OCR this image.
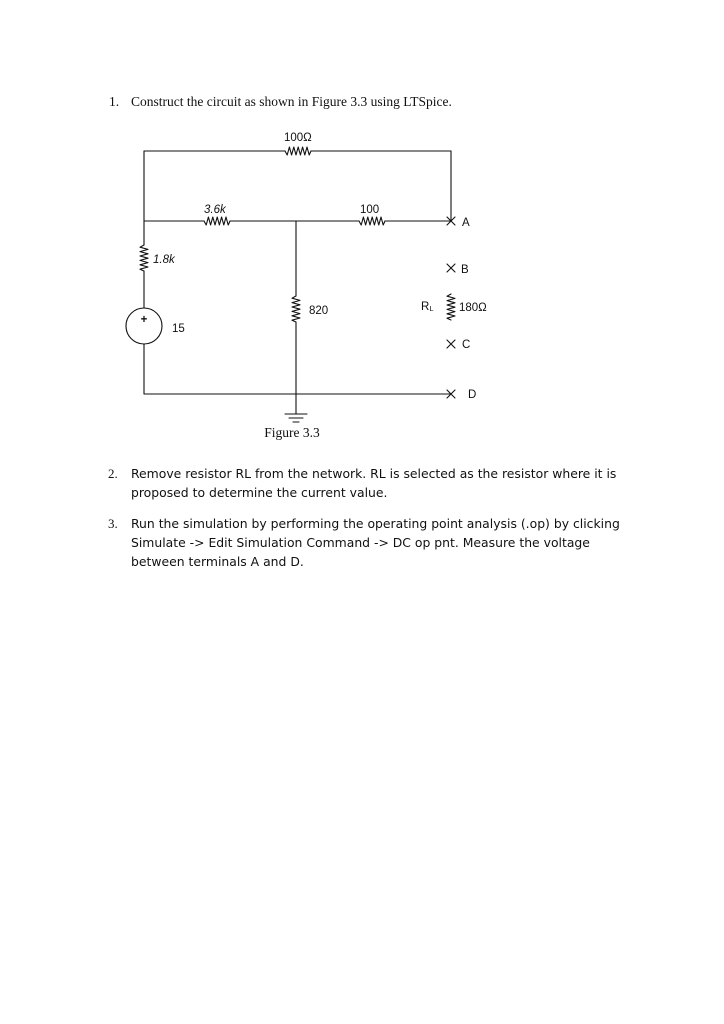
1. Construct the circuit as shown in Figure 3.3 using LTSpice.
+
100Ω
3.6k	100
1.8k
820
15
RL 180Ω
A
B
C
D
Figure 3.3
2. Remove resistor RL from the network. RL is selected as the resistor where it is proposed to determine the current value.
3. Run the simulation by performing the operating point analysis (.op) by clicking Simulate -> Edit Simulation Command -> DC op pnt. Measure the voltage between terminals A and D.
